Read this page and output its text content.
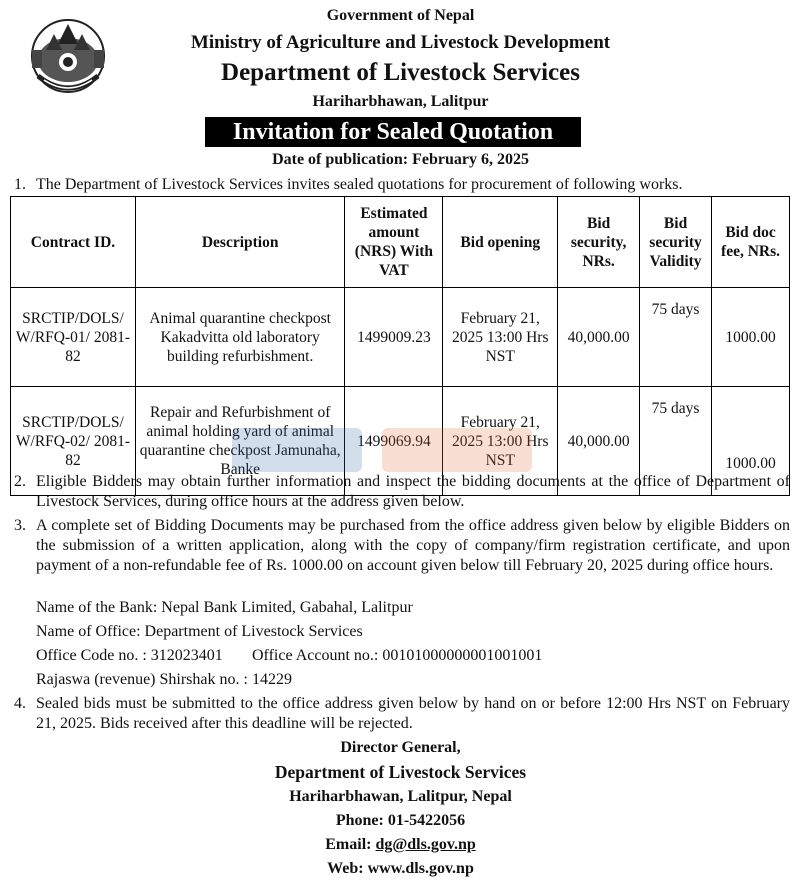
Government of Nepal
Ministry of Agriculture and Livestock Development
Department of Livestock Services
Hariharbhawan, Lalitpur
Invitation for Sealed Quotation
Date of publication: February 6, 2025
1. The Department of Livestock Services invites sealed quotations for procurement of following works.
Contract ID.	Description	Estimated amount (NRS) With VAT	Bid opening	Bid security, NRs.	Bid security Validity	Bid doc fee, NRs.
SRCTIP/DOLS/ W/RFQ-01/ 2081-82	Animal quarantine checkpost Kakadvitta old laboratory building refurbishment.	1499009.23	February 21, 2025 13:00 Hrs NST	40,000.00	75 days	1000.00
SRCTIP/DOLS/ W/RFQ-02/ 2081-82	Repair and Refurbishment of animal holding yard of animal quarantine checkpost Jamunaha, Banke	1499069.94	February 21, 2025 13:00 Hrs NST	40,000.00	75 days	1000.00
2. Eligible Bidders may obtain further information and inspect the bidding documents at the office of Department of Livestock Services, during office hours at the address given below.
3. A complete set of Bidding Documents may be purchased from the office address given below by eligible Bidders on the submission of a written application, along with the copy of company/firm registration certificate, and upon payment of a non-refundable fee of Rs. 1000.00 on account given below till February 20, 2025 during office hours.
Name of the Bank: Nepal Bank Limited, Gabahal, Lalitpur
Name of Office: Department of Livestock Services
Office Code no. : 312023401 Office Account no.: 00101000000001001001
Rajaswa (revenue) Shirshak no. : 14229
4. Sealed bids must be submitted to the office address given below by hand on or before 12:00 Hrs NST on February 21, 2025. Bids received after this deadline will be rejected.
Director General,
Department of Livestock Services
Hariharbhawan, Lalitpur, Nepal
Phone: 01-5422056
Email: dg@dls.gov.np
Web: www.dls.gov.np
